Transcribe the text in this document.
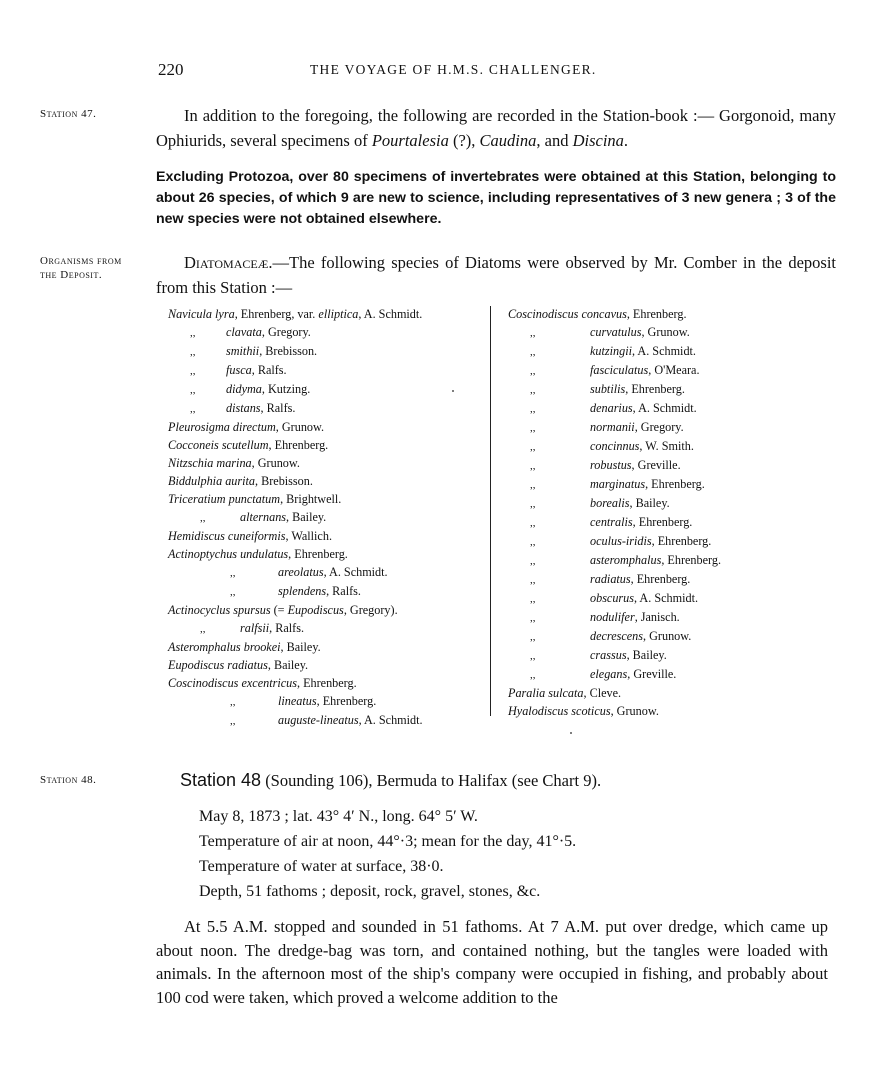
220	THE VOYAGE OF H.M.S. CHALLENGER.
Station 47.
Organisms from
the Deposit.
Station 48.
In addition to the foregoing, the following are recorded in the Station-book :— Gorgonoid, many Ophiurids, several specimens of Pourtalesia (?), Caudina, and Discina.
Excluding Protozoa, over 80 specimens of invertebrates were obtained at this Station, belonging to about 26 species, of which 9 are new to science, including representatives of 3 new genera ; 3 of the new species were not obtained elsewhere.
Diatomaceæ.—The following species of Diatoms were observed by Mr. Comber in the deposit from this Station :—
Navicula lyra, Ehrenberg, var. elliptica, A. Schmidt.
,,	clavata, Gregory.
,,	smithii, Brebisson.
,,	fusca, Ralfs.
,,	didyma, Kutzing.
,,	distans, Ralfs.
Pleurosigma directum, Grunow.
Cocconeis scutellum, Ehrenberg.
Nitzschia marina, Grunow.
Biddulphia aurita, Brebisson.
Triceratium punctatum, Brightwell.
,,	alternans, Bailey.
Hemidiscus cuneiformis, Wallich.
Actinoptychus undulatus, Ehrenberg.
,,	areolatus, A. Schmidt.
,,	splendens, Ralfs.
Actinocyclus spursus (= Eupodiscus, Gregory).
,,	ralfsii, Ralfs.
Asteromphalus brookei, Bailey.
Eupodiscus radiatus, Bailey.
Coscinodiscus excentricus, Ehrenberg.
,,	lineatus, Ehrenberg.
,,	auguste-lineatus, A. Schmidt.
Coscinodiscus concavus, Ehrenberg.
,,	curvatulus, Grunow.
,,	kutzingii, A. Schmidt.
,,	fasciculatus, O'Meara.
,,	subtilis, Ehrenberg.
,,	denarius, A. Schmidt.
,,	normanii, Gregory.
,,	concinnus, W. Smith.
,,	robustus, Greville.
,,	marginatus, Ehrenberg.
,,	borealis, Bailey.
,,	centralis, Ehrenberg.
,,	oculus-iridis, Ehrenberg.
,,	asteromphalus, Ehrenberg.
,,	radiatus, Ehrenberg.
,,	obscurus, A. Schmidt.
,,	nodulifer, Janisch.
,,	decrescens, Grunow.
,,	crassus, Bailey.
,,	elegans, Greville.
Paralia sulcata, Cleve.
Hyalodiscus scoticus, Grunow.
Station 48 (Sounding 106), Bermuda to Halifax (see Chart 9).
May 8, 1873 ; lat. 43° 4′ N., long. 64° 5′ W.
Temperature of air at noon, 44°·3; mean for the day, 41°·5.
Temperature of water at surface, 38·0.
Depth, 51 fathoms ; deposit, rock, gravel, stones, &c.
At 5.5 A.M. stopped and sounded in 51 fathoms. At 7 A.M. put over dredge, which came up about noon. The dredge-bag was torn, and contained nothing, but the tangles were loaded with animals. In the afternoon most of the ship's company were occupied in fishing, and probably about 100 cod were taken, which proved a welcome addition to the
